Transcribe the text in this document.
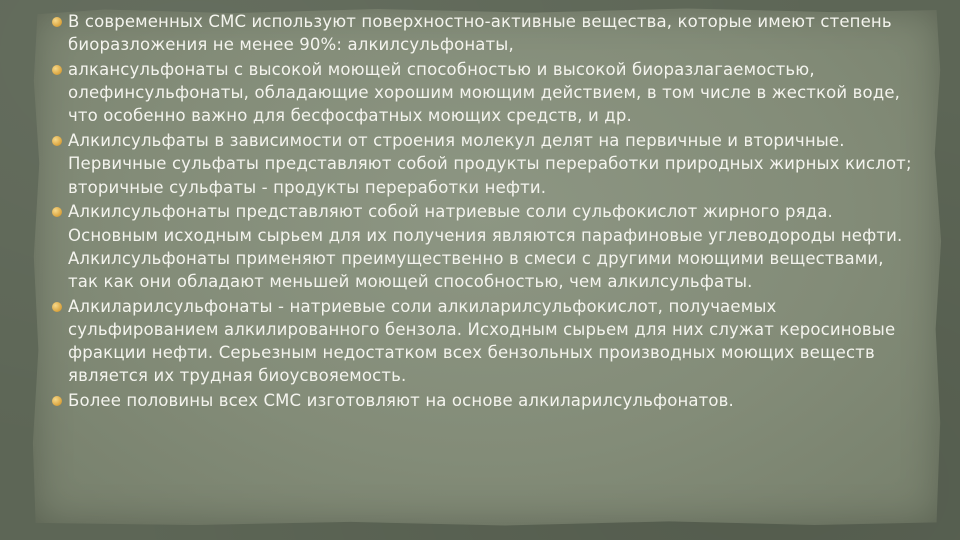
В современных СМС используют поверхностно-активные вещества, которые имеют степень биоразложения не менее 90%: алкилсульфонаты,
алкансульфонаты с высокой моющей способностью и высокой биоразлагаемостью, олефинсульфонаты, обладающие хорошим моющим действием, в том числе в жесткой воде, что особенно важно для бесфосфатных моющих средств, и др.
Алкилсульфаты в зависимости от строения молекул делят на первичные и вторичные. Первичные сульфаты представляют собой продукты переработки природных жирных кислот; вторичные сульфаты - продукты переработки нефти.
Алкилсульфонаты представляют собой натриевые соли сульфокислот жирного ряда. Основным исходным сырьем для их получения являются парафиновые углеводороды нефти. Алкилсульфонаты применяют преимущественно в смеси с другими моющими веществами, так как они обладают меньшей моющей способностью, чем алкилсульфаты.
Алкиларилсульфонаты - натриевые соли алкиларилсульфокислот, получаемых сульфированием алкилированного бензола. Исходным сырьем для них служат керосиновые фракции нефти. Серьезным недостатком всех бензольных производных моющих веществ является их трудная биоусвояемость.
Более половины всех СМС изготовляют на основе алкиларилсульфонатов.
